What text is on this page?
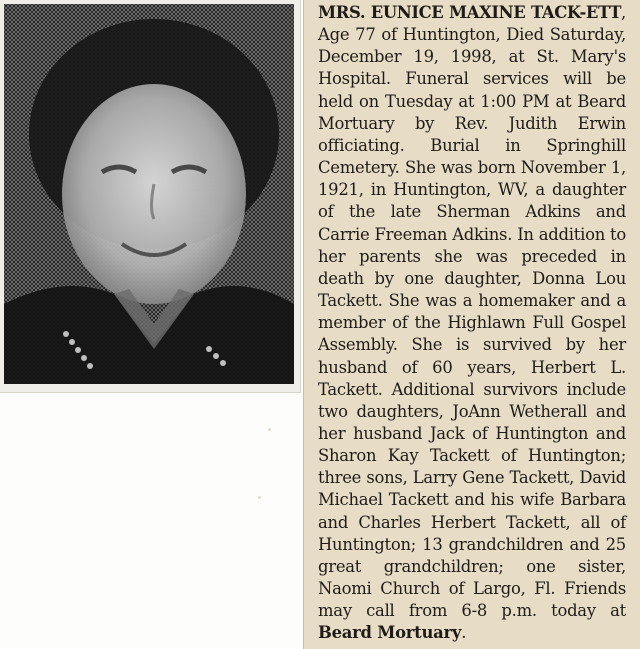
MRS. EUNICE MAXINE TACK-ETT, Age 77 of Huntington, Died Saturday, December 19, 1998, at St. Mary's Hospital. Funeral services will be held on Tuesday at 1:00 PM at Beard Mortuary by Rev. Judith Erwin officiating. Burial in Springhill Cemetery. She was born November 1, 1921, in Huntington, WV, a daughter of the late Sherman Adkins and Carrie Freeman Adkins. In addition to her parents she was preceded in death by one daughter, Donna Lou Tackett. She was a homemaker and a member of the Highlawn Full Gospel Assembly. She is survived by her husband of 60 years, Herbert L. Tackett. Additional survivors include two daughters, JoAnn Wetherall and her husband Jack of Huntington and Sharon Kay Tackett of Huntington; three sons, Larry Gene Tackett, David Michael Tackett and his wife Barbara and Charles Herbert Tackett, all of Huntington; 13 grandchildren and 25 great grandchildren; one sister, Naomi Church of Largo, Fl. Friends may call from 6-8 p.m. today at Beard Mortuary.
